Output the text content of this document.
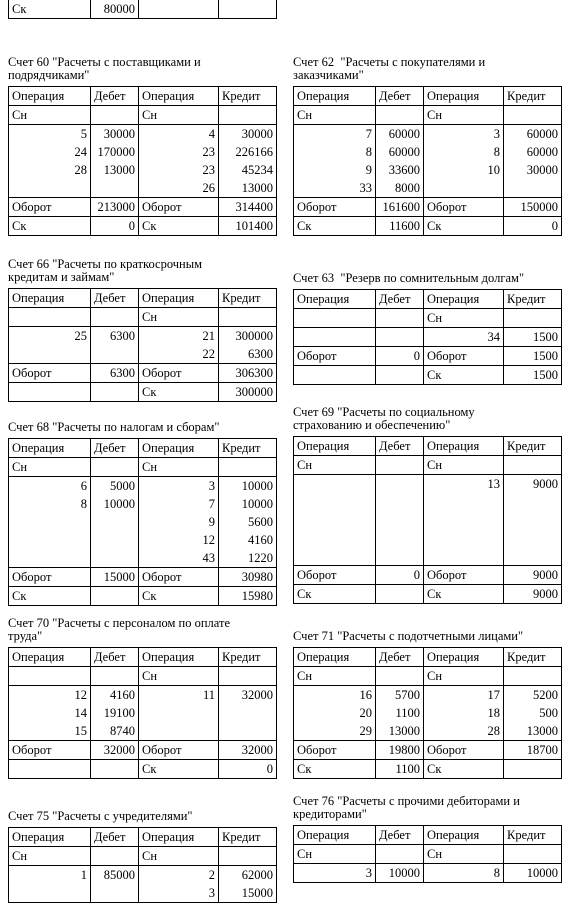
Ск	80000		
Счет 60 "Расчеты с поставщиками и
подрядчиками"
Операция	Дебет	Операция	Кредит
Сн		Сн	
5	30000	4	30000
24	170000	23	226166
28	13000	23	45234
		26	13000
Оборот	213000	Оборот	314400
Ск	0	Ск	101400
Счет 62  "Расчеты с покупателями и
заказчиками"
Операция	Дебет	Операция	Кредит
Сн		Сн	
7	60000	3	60000
8	60000	8	60000
9	33600	10	30000
33	8000		
Оборот	161600	Оборот	150000
Ск	11600	Ск	0
Счет 66 "Расчеты по краткосрочным
кредитам и займам"
Операция	Дебет	Операция	Кредит
		Сн	
25	6300	21	300000
		22	6300
Оборот	6300	Оборот	306300
		Ск	300000
Счет 63  "Резерв по сомнительным долгам"
Операция	Дебет	Операция	Кредит
		Сн	
		34	1500
Оборот	0	Оборот	1500
		Ск	1500
Счет 68 "Расчеты по налогам и сборам"
Операция	Дебет	Операция	Кредит
Сн		Сн	
6	5000	3	10000
8	10000	7	10000
		9	5600
		12	4160
		43	1220
Оборот	15000	Оборот	30980
Ск		Ск	15980
Счет 69 "Расчеты по социальному
страхованию и обеспечению"
Операция	Дебет	Операция	Кредит
Сн		Сн	
		13	9000

Оборот	0	Оборот	9000
Ск		Ск	9000
Счет 70 "Расчеты с персоналом по оплате
труда"
Операция	Дебет	Операция	Кредит
		Сн	
12	4160	11	32000
14	19100		
15	8740		
Оборот	32000	Оборот	32000
		Ск	0
Счет 71 "Расчеты с подотчетными лицами"
Операция	Дебет	Операция	Кредит
Сн		Сн	
16	5700	17	5200
20	1100	18	500
29	13000	28	13000
Оборот	19800	Оборот	18700
Ск	1100	Ск	
Счет 75 "Расчеты с учредителями"
Операция	Дебет	Операция	Кредит
Сн		Сн	
1	85000	2	62000
		3	15000
Счет 76 "Расчеты с прочими дебиторами и
кредиторами"
Операция	Дебет	Операция	Кредит
Сн		Сн	
3	10000	8	10000
